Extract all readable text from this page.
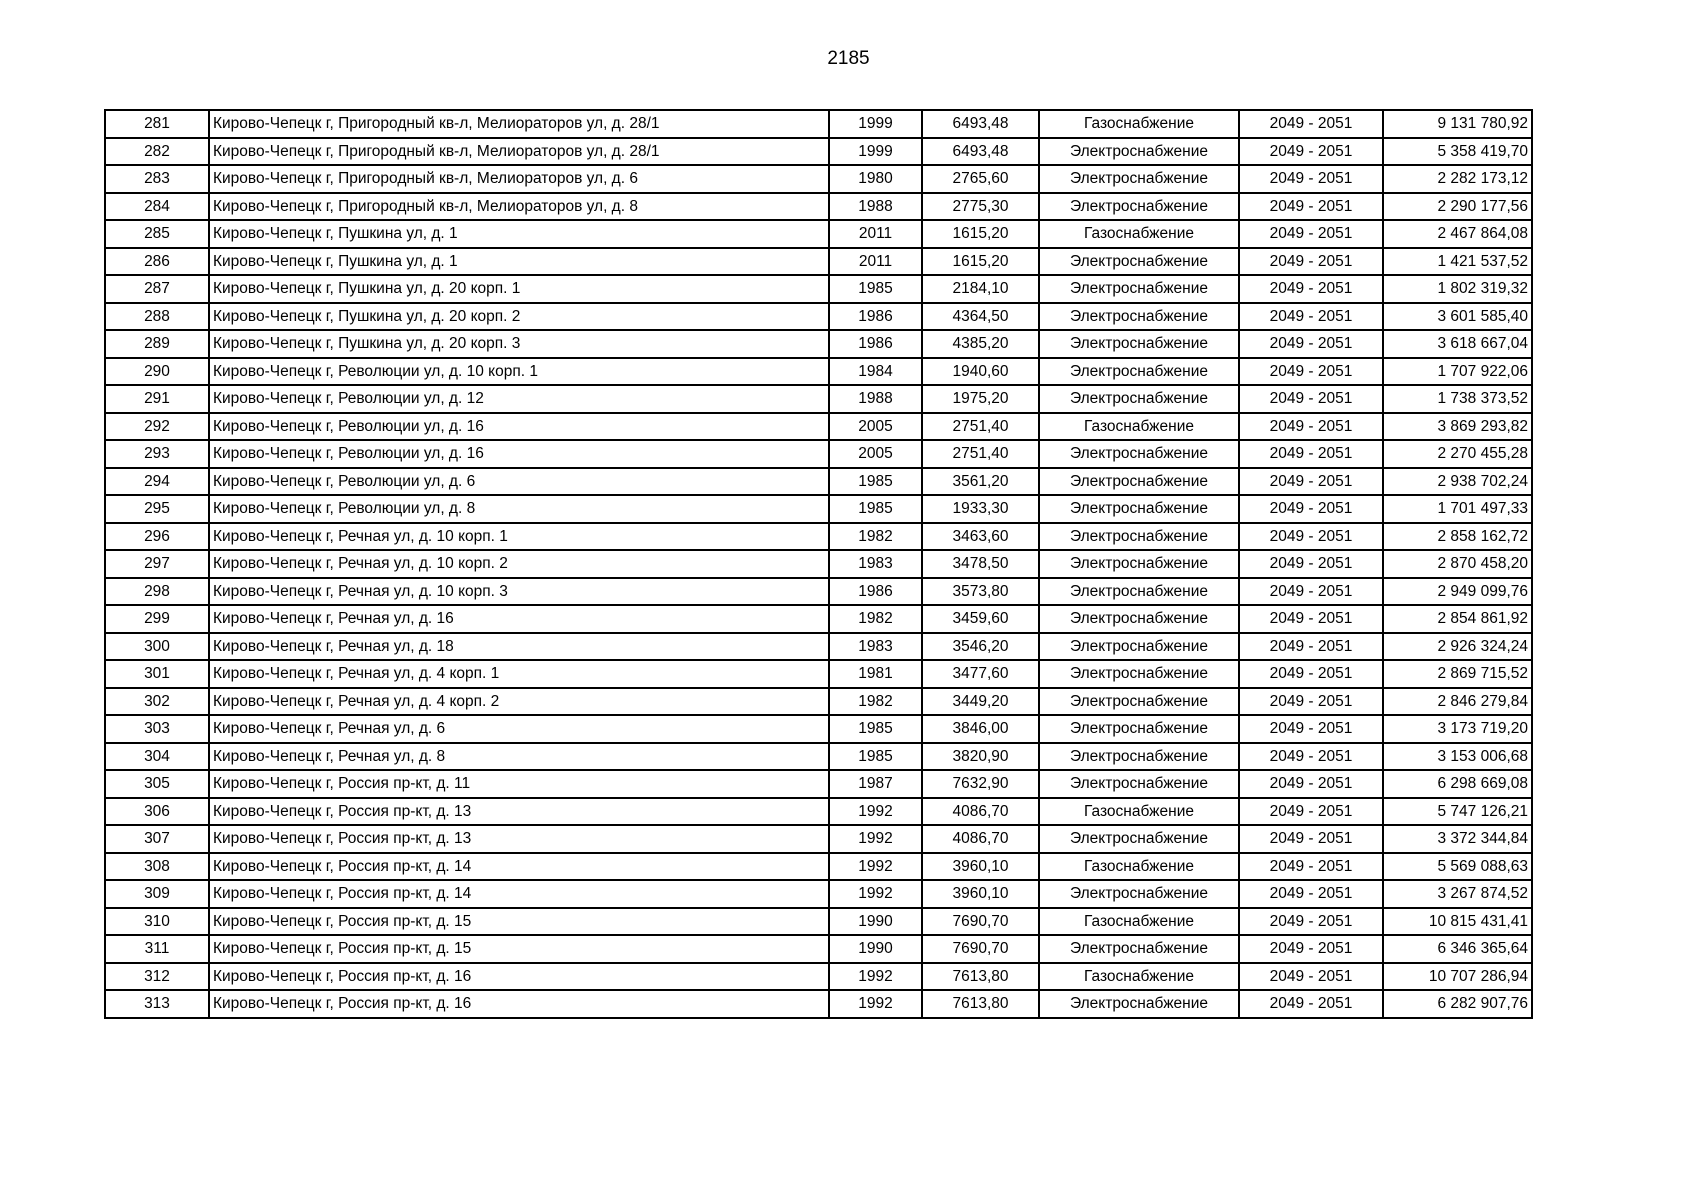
2185
281	Кирово-Чепецк г, Пригородный кв-л, Мелиораторов ул, д. 28/1	1999	6493,48	Газоснабжение	2049 - 2051	9 131 780,92
282	Кирово-Чепецк г, Пригородный кв-л, Мелиораторов ул, д. 28/1	1999	6493,48	Электроснабжение	2049 - 2051	5 358 419,70
283	Кирово-Чепецк г, Пригородный кв-л, Мелиораторов ул, д. 6	1980	2765,60	Электроснабжение	2049 - 2051	2 282 173,12
284	Кирово-Чепецк г, Пригородный кв-л, Мелиораторов ул, д. 8	1988	2775,30	Электроснабжение	2049 - 2051	2 290 177,56
285	Кирово-Чепецк г, Пушкина ул, д. 1	2011	1615,20	Газоснабжение	2049 - 2051	2 467 864,08
286	Кирово-Чепецк г, Пушкина ул, д. 1	2011	1615,20	Электроснабжение	2049 - 2051	1 421 537,52
287	Кирово-Чепецк г, Пушкина ул, д. 20 корп. 1	1985	2184,10	Электроснабжение	2049 - 2051	1 802 319,32
288	Кирово-Чепецк г, Пушкина ул, д. 20 корп. 2	1986	4364,50	Электроснабжение	2049 - 2051	3 601 585,40
289	Кирово-Чепецк г, Пушкина ул, д. 20 корп. 3	1986	4385,20	Электроснабжение	2049 - 2051	3 618 667,04
290	Кирово-Чепецк г, Революции ул, д. 10 корп. 1	1984	1940,60	Электроснабжение	2049 - 2051	1 707 922,06
291	Кирово-Чепецк г, Революции ул, д. 12	1988	1975,20	Электроснабжение	2049 - 2051	1 738 373,52
292	Кирово-Чепецк г, Революции ул, д. 16	2005	2751,40	Газоснабжение	2049 - 2051	3 869 293,82
293	Кирово-Чепецк г, Революции ул, д. 16	2005	2751,40	Электроснабжение	2049 - 2051	2 270 455,28
294	Кирово-Чепецк г, Революции ул, д. 6	1985	3561,20	Электроснабжение	2049 - 2051	2 938 702,24
295	Кирово-Чепецк г, Революции ул, д. 8	1985	1933,30	Электроснабжение	2049 - 2051	1 701 497,33
296	Кирово-Чепецк г, Речная ул, д. 10 корп. 1	1982	3463,60	Электроснабжение	2049 - 2051	2 858 162,72
297	Кирово-Чепецк г, Речная ул, д. 10 корп. 2	1983	3478,50	Электроснабжение	2049 - 2051	2 870 458,20
298	Кирово-Чепецк г, Речная ул, д. 10 корп. 3	1986	3573,80	Электроснабжение	2049 - 2051	2 949 099,76
299	Кирово-Чепецк г, Речная ул, д. 16	1982	3459,60	Электроснабжение	2049 - 2051	2 854 861,92
300	Кирово-Чепецк г, Речная ул, д. 18	1983	3546,20	Электроснабжение	2049 - 2051	2 926 324,24
301	Кирово-Чепецк г, Речная ул, д. 4 корп. 1	1981	3477,60	Электроснабжение	2049 - 2051	2 869 715,52
302	Кирово-Чепецк г, Речная ул, д. 4 корп. 2	1982	3449,20	Электроснабжение	2049 - 2051	2 846 279,84
303	Кирово-Чепецк г, Речная ул, д. 6	1985	3846,00	Электроснабжение	2049 - 2051	3 173 719,20
304	Кирово-Чепецк г, Речная ул, д. 8	1985	3820,90	Электроснабжение	2049 - 2051	3 153 006,68
305	Кирово-Чепецк г, Россия пр-кт, д. 11	1987	7632,90	Электроснабжение	2049 - 2051	6 298 669,08
306	Кирово-Чепецк г, Россия пр-кт, д. 13	1992	4086,70	Газоснабжение	2049 - 2051	5 747 126,21
307	Кирово-Чепецк г, Россия пр-кт, д. 13	1992	4086,70	Электроснабжение	2049 - 2051	3 372 344,84
308	Кирово-Чепецк г, Россия пр-кт, д. 14	1992	3960,10	Газоснабжение	2049 - 2051	5 569 088,63
309	Кирово-Чепецк г, Россия пр-кт, д. 14	1992	3960,10	Электроснабжение	2049 - 2051	3 267 874,52
310	Кирово-Чепецк г, Россия пр-кт, д. 15	1990	7690,70	Газоснабжение	2049 - 2051	10 815 431,41
311	Кирово-Чепецк г, Россия пр-кт, д. 15	1990	7690,70	Электроснабжение	2049 - 2051	6 346 365,64
312	Кирово-Чепецк г, Россия пр-кт, д. 16	1992	7613,80	Газоснабжение	2049 - 2051	10 707 286,94
313	Кирово-Чепецк г, Россия пр-кт, д. 16	1992	7613,80	Электроснабжение	2049 - 2051	6 282 907,76
